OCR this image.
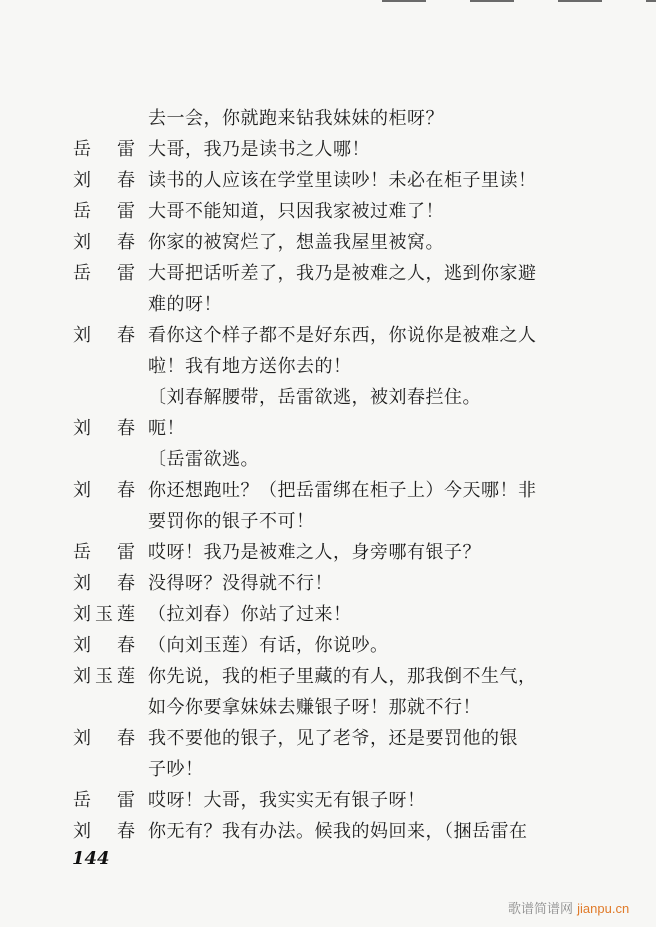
去一会，你就跑来钻我妹妹的柜呀？
岳 雷 大哥，我乃是读书之人哪！
刘 春 读书的人应该在学堂里读吵！未必在柜子里读！
岳 雷 大哥不能知道，只因我家被过难了！
刘 春 你家的被窝烂了，想盖我屋里被窝。
岳 雷 大哥把话听差了，我乃是被难之人，逃到你家避
难的呀！
刘 春 看你这个样子都不是好东西，你说你是被难之人
啦！我有地方送你去的！
〔刘春解腰带，岳雷欲逃，被刘春拦住。
刘 春 呃！
〔岳雷欲逃。
刘 春 你还想跑吐？（把岳雷绑在柜子上）今天哪！非
要罚你的银子不可！
岳 雷 哎呀！我乃是被难之人，身旁哪有银子？
刘 春 没得呀？没得就不行！
刘 玉 莲 （拉刘春）你站了过来！
刘 春 （向刘玉莲）有话，你说吵。
刘 玉 莲 你先说，我的柜子里藏的有人，那我倒不生气，
如今你要拿妹妹去赚银子呀！那就不行！
刘 春 我不要他的银子，见了老爷，还是要罚他的银
子吵！
岳 雷 哎呀！大哥，我实实无有银子呀！
刘 春 你无有？我有办法。候我的妈回来，（捆岳雷在
144
歌谱简谱网 jianpu.cn
